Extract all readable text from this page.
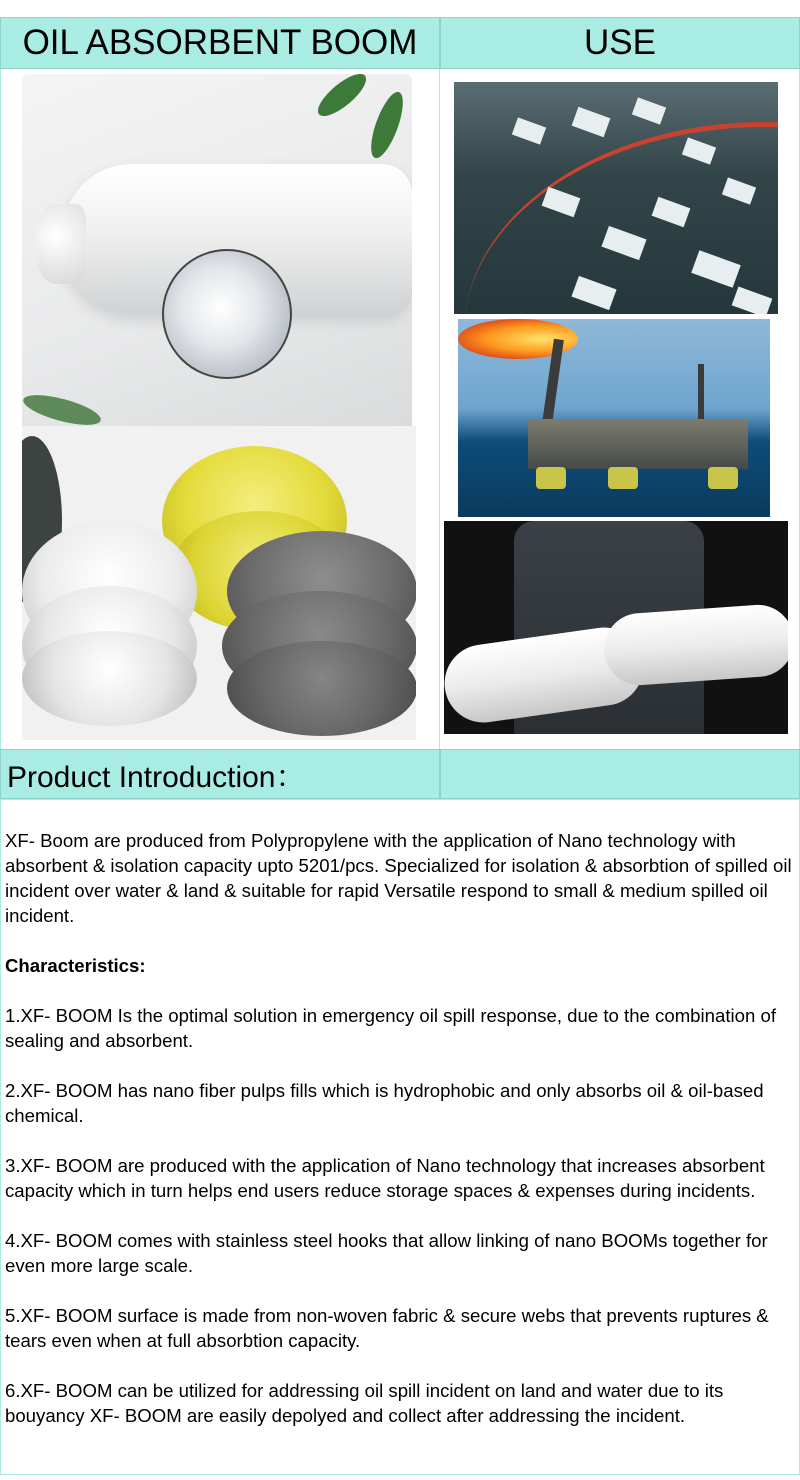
OIL ABSORBENT BOOM	USE
Product Introduction：

XF- Boom are produced from Polypropylene with the application of Nano technology with absorbent & isolation capacity upto 5201/pcs. Specialized for isolation & absorbtion of spilled oil incident over water & land & suitable for rapid Versatile respond to small & medium spilled oil incident.

Characteristics:

1.XF- BOOM Is the optimal solution in emergency oil spill response, due to the combination of sealing and absorbent.

2.XF- BOOM has nano fiber pulps fills which is hydrophobic and only absorbs oil & oil-based chemical.

3.XF- BOOM are produced with the application of Nano technology that increases absorbent capacity which in turn helps end users reduce storage spaces & expenses during incidents.

4.XF- BOOM comes with stainless steel hooks that allow linking of nano BOOMs together for even more large scale.

5.XF- BOOM surface is made from non-woven fabric & secure webs that prevents ruptures & tears even when at full absorbtion capacity.

6.XF- BOOM can be utilized for addressing oil spill incident on land and water due to its bouyancy XF- BOOM are easily depolyed and collect after addressing the incident.
